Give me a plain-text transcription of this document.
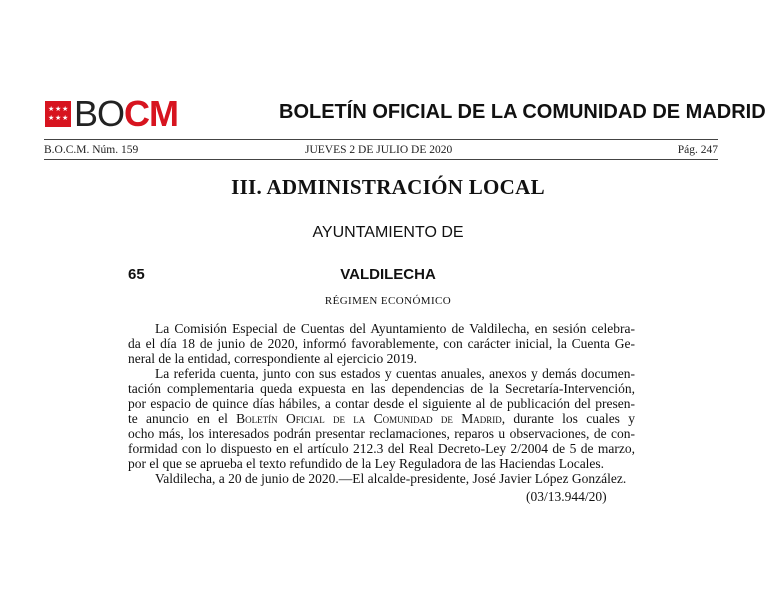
★ ★ ★
★ ★ ★ BOCM	BOLETÍN OFICIAL DE LA COMUNIDAD DE MADRID
B.O.C.M. Núm. 159	JUEVES 2 DE JULIO DE 2020	Pág. 247
III. ADMINISTRACIÓN LOCAL
AYUNTAMIENTO DE
65	VALDILECHA
RÉGIMEN ECONÓMICO
La Comisión Especial de Cuentas del Ayuntamiento de Valdilecha, en sesión celebra-
da el día 18 de junio de 2020, informó favorablemente, con carácter inicial, la Cuenta Ge-
neral de la entidad, correspondiente al ejercicio 2019.
La referida cuenta, junto con sus estados y cuentas anuales, anexos y demás documen-
tación complementaria queda expuesta en las dependencias de la Secretaría-Intervención,
por espacio de quince días hábiles, a contar desde el siguiente al de publicación del presen-
te anuncio en el Boletín Oficial de la Comunidad de Madrid, durante los cuales y
ocho más, los interesados podrán presentar reclamaciones, reparos u observaciones, de con-
formidad con lo dispuesto en el artículo 212.3 del Real Decreto-Ley 2/2004 de 5 de marzo,
por el que se aprueba el texto refundido de la Ley Reguladora de las Haciendas Locales.
Valdilecha, a 20 de junio de 2020.—El alcalde-presidente, José Javier López González.
(03/13.944/20)
